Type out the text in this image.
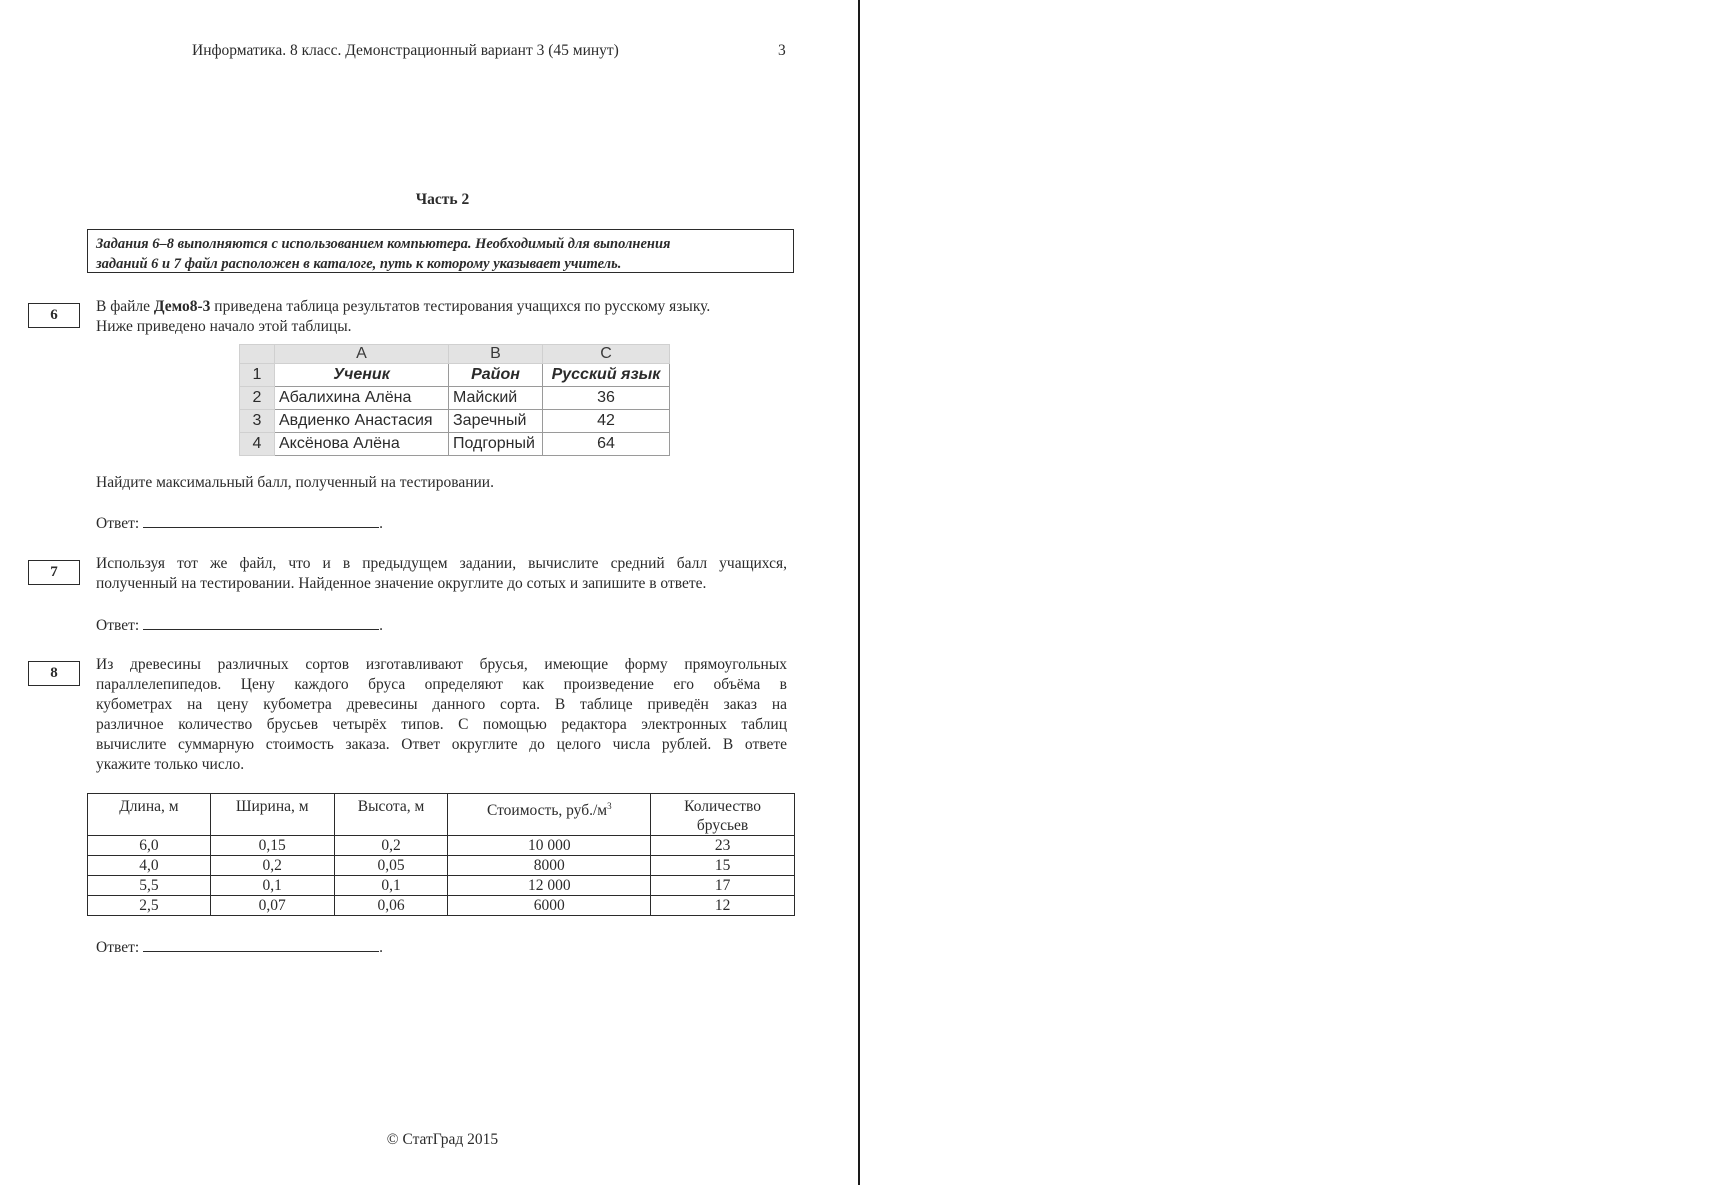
Информатика. 8 класс. Демонстрационный вариант 3 (45 минут)	3
Часть 2
Задания 6–8 выполняются с использованием компьютера. Необходимый для выполнения
заданий 6 и 7 файл расположен в каталоге, путь к которому указывает учитель.
6	В файле Демо8-3 приведена таблица результатов тестирования учащихся по русскому языку.
Ниже приведено начало этой таблицы.
	A	B	C
1	Ученик	Район	Русский язык
2	Абалихина Алёна	Майский	36
3	Авдиенко Анастасия	Заречный	42
4	Аксёнова Алёна	Подгорный	64
Найдите максимальный балл, полученный на тестировании.
Ответ:	.
7	Используя тот же файл, что и в предыдущем задании, вычислите средний балл учащихся,
полученный на тестировании. Найденное значение округлите до сотых и запишите в ответе.
Ответ:	.
8	Из древесины различных сортов изготавливают брусья, имеющие форму прямоугольных
параллелепипедов. Цену каждого бруса определяют как произведение его объёма в
кубометрах на цену кубометра древесины данного сорта. В таблице приведён заказ на
различное количество брусьев четырёх типов. С помощью редактора электронных таблиц
вычислите суммарную стоимость заказа. Ответ округлите до целого числа рублей. В ответе
укажите только число.
Длина, м	Ширина, м	Высота, м	Стоимость, $руб./м^3$	Количество
брусьев
6,0	0,15	0,2	10 000	23
4,0	0,2	0,05	8000	15
5,5	0,1	0,1	12 000	17
2,5	0,07	0,06	6000	12
Ответ:	.
© СтатГрад 2015
